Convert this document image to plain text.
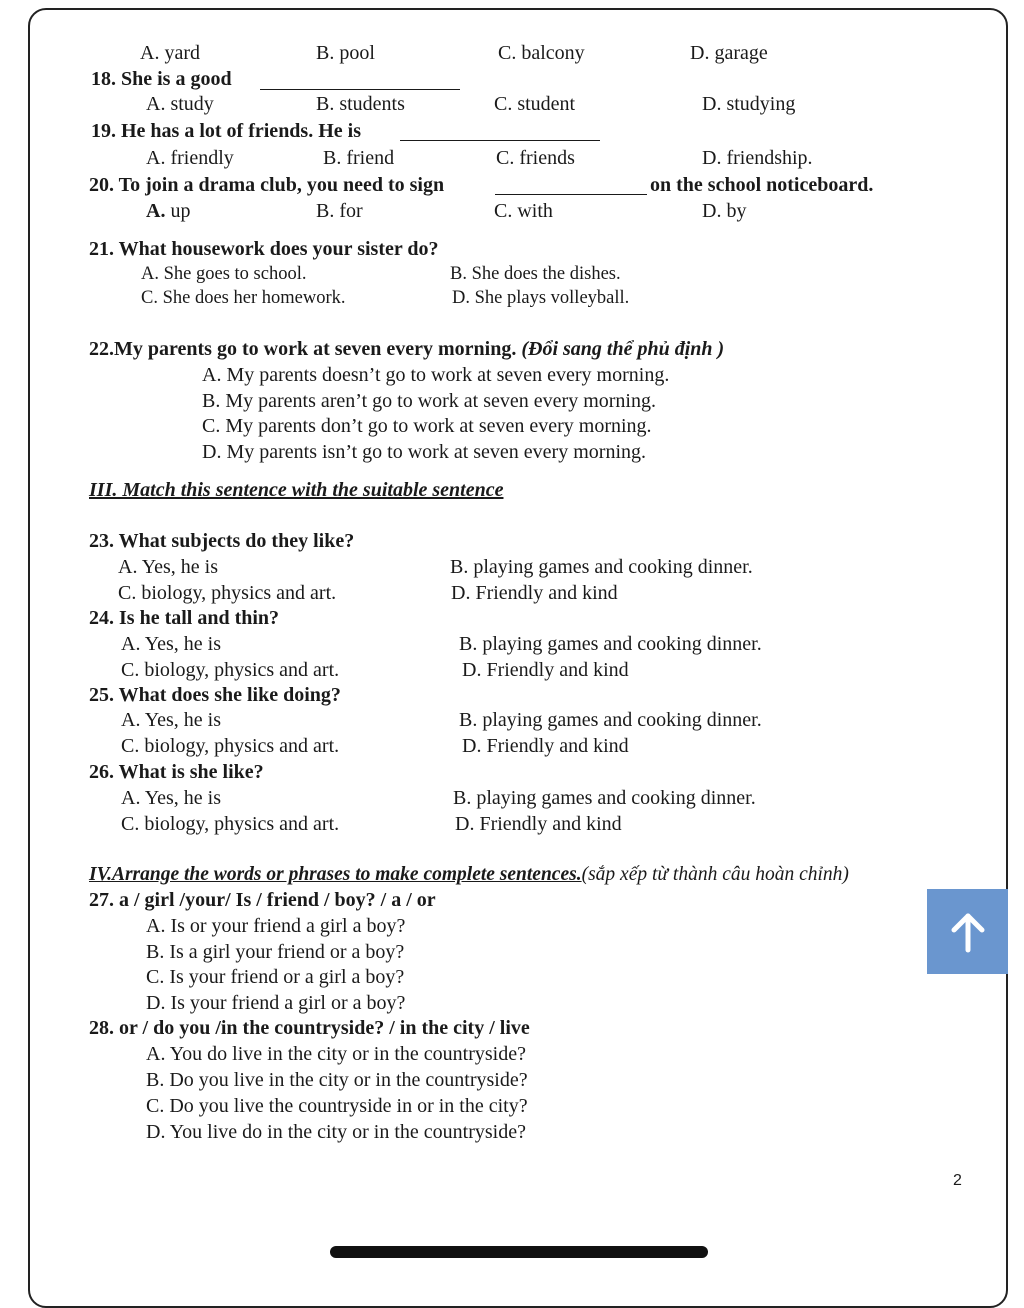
A. yard	B. pool	C. balcony	D. garage
18. She is a good
A. study	B. students	C. student	D. studying
19. He has a lot of friends. He is
A. friendly	B. friend	C. friends	D. friendship.
20. To join a drama club, you need to sign	on the school noticeboard.
A. up	B. for	C. with	D. by
21. What housework does your sister do?
A. She goes to school.	B. She does the dishes.
C. She does her homework.	D. She plays volleyball.
22.My parents go to work at seven every morning. (Đổi sang thể phủ định )
A. My parents doesn’t go to work at seven every morning.
B. My parents aren’t go to work at seven every morning.
C. My parents don’t go to work at seven every morning.
D. My parents isn’t go to work at seven every morning.
III. Match this sentence with the suitable sentence
23. What subjects do they like?
A. Yes, he is	B. playing games and cooking dinner.
C. biology, physics and art.	D. Friendly and kind
24. Is he tall and thin?
A. Yes, he is	B. playing games and cooking dinner.
C. biology, physics and art.	D. Friendly and kind
25. What does she like doing?
A. Yes, he is	B. playing games and cooking dinner.
C. biology, physics and art.	D. Friendly and kind
26. What is she like?
A. Yes, he is	B. playing games and cooking dinner.
C. biology, physics and art.	D. Friendly and kind
IV.Arrange the words or phrases to make complete sentences.(sắp xếp từ thành câu hoàn chỉnh)
27. a / girl /your/ Is / friend / boy? / a / or
A. Is or your friend a girl a boy?
B. Is a girl your friend or a boy?
C. Is your friend or a girl a boy?
D. Is your friend a girl or a boy?
28. or / do you /in the countryside? / in the city / live
A. You do live in the city or in the countryside?
B. Do you live in the city or in the countryside?
C. Do you live the countryside in or in the city?
D. You live do in the city or in the countryside?
2
